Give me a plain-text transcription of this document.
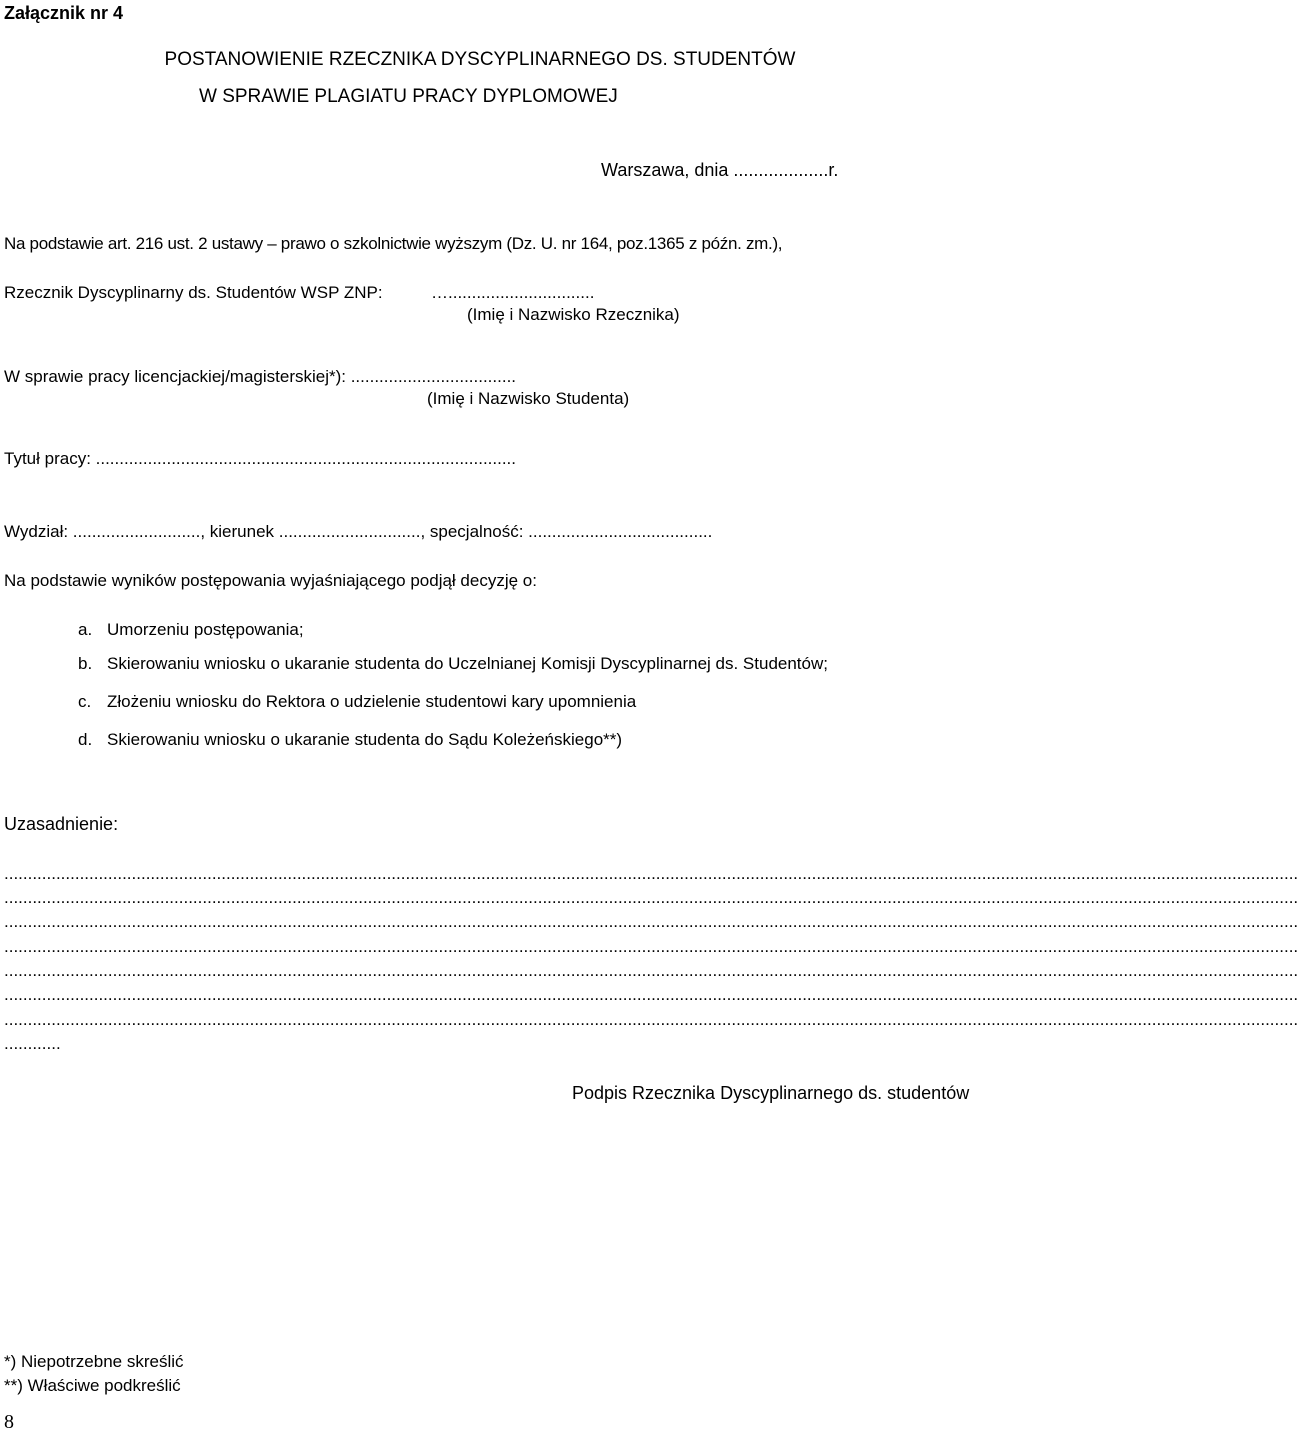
Załącznik nr 4
POSTANOWIENIE RZECZNIKA DYSCYPLINARNEGO DS. STUDENTÓW
W SPRAWIE PLAGIATU PRACY DYPLOMOWEJ
Warszawa, dnia ...................r.
Na podstawie art. 216 ust. 2 ustawy – prawo o szkolnictwie wyższym (Dz. U. nr 164, poz.1365 z późn. zm.),
Rzecznik Dyscyplinarny ds. Studentów WSP ZNP:	…...............................
(Imię i Nazwisko Rzecznika)
W sprawie pracy licencjackiej/magisterskiej*): ...................................
(Imię i Nazwisko Studenta)
Tytuł pracy: .........................................................................................
Wydział: ..........................., kierunek .............................., specjalność: .......................................
Na podstawie wyników postępowania wyjaśniającego podjął decyzję o:
a. Umorzeniu postępowania;
b. Skierowaniu wniosku o ukaranie studenta do Uczelnianej Komisji Dyscyplinarnej ds. Studentów;
c. Złożeniu wniosku do Rektora o udzielenie studentowi kary upomnienia
d. Skierowaniu wniosku o ukaranie studenta do Sądu Koleżeńskiego**)
Uzasadnienie:
..................................................................................................................................................................................................................................................................................
..................................................................................................................................................................................................................................................................................
..................................................................................................................................................................................................................................................................................
..................................................................................................................................................................................................................................................................................
..................................................................................................................................................................................................................................................................................
..................................................................................................................................................................................................................................................................................
..................................................................................................................................................................................................................................................................................
............
Podpis Rzecznika Dyscyplinarnego ds. studentów
*) Niepotrzebne skreślić
**) Właściwe podkreślić
8
